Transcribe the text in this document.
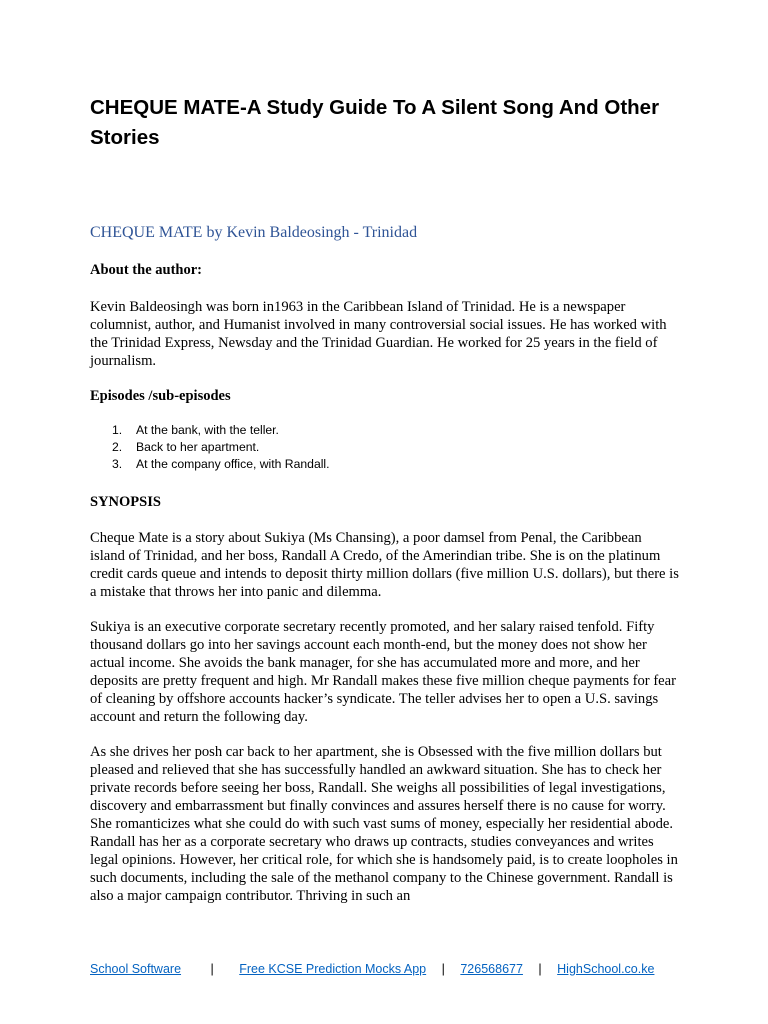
CHEQUE MATE-A Study Guide To A Silent Song And Other Stories
CHEQUE MATE by Kevin Baldeosingh - Trinidad

About the author:

Kevin Baldeosingh was born in1963 in the Caribbean Island of Trinidad. He is a newspaper columnist, author, and Humanist involved in many controversial social issues. He has worked with the Trinidad Express, Newsday and the Trinidad Guardian. He worked for 25 years in the field of journalism.

Episodes /sub-episodes

1. At the bank, with the teller.
2. Back to her apartment.
3. At the company office, with Randall.

SYNOPSIS

Cheque Mate is a story about Sukiya (Ms Chansing), a poor damsel from Penal, the Caribbean island of Trinidad, and her boss, Randall A Credo, of the Amerindian tribe. She is on the platinum credit cards queue and intends to deposit thirty million dollars (five million U.S. dollars), but there is a mistake that throws her into panic and dilemma.

Sukiya is an executive corporate secretary recently promoted, and her salary raised tenfold. Fifty thousand dollars go into her savings account each month-end, but the money does not show her actual income. She avoids the bank manager, for she has accumulated more and more, and her deposits are pretty frequent and high. Mr Randall makes these five million cheque payments for fear of cleaning by offshore accounts hacker’s syndicate. The teller advises her to open a U.S. savings account and return the following day.

As she drives her posh car back to her apartment, she is Obsessed with the five million dollars but pleased and relieved that she has successfully handled an awkward situation. She has to check her private records before seeing her boss, Randall. She weighs all possibilities of legal investigations, discovery and embarrassment but finally convinces and assures herself there is no cause for worry. She romanticizes what she could do with such vast sums of money, especially her residential abode. Randall has her as a corporate secretary who draws up contracts, studies conveyances and writes legal opinions. However, her critical role, for which she is handsomely paid, is to create loopholes in such documents, including the sale of the methanol company to the Chinese government. Randall is also a major campaign contributor. Thriving in such an

School Software | Free KCSE Prediction Mocks App | 726568677 | HighSchool.co.ke
